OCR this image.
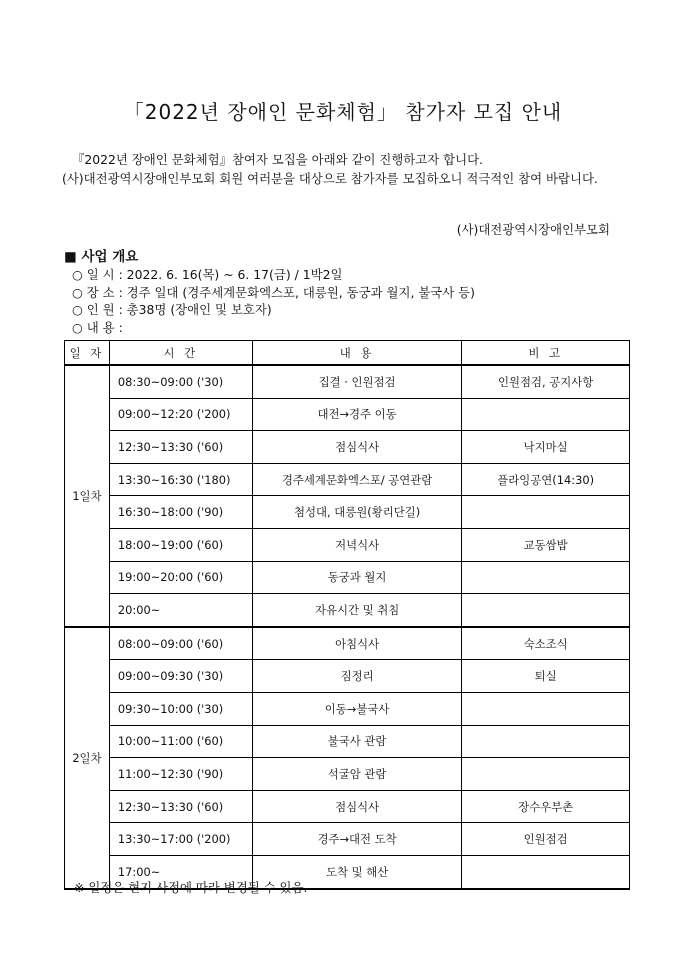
「2022년 장애인 문화체험」 참가자 모집 안내

『2022년 장애인 문화체험』참여자 모집을 아래와 같이 진행하고자 합니다.

(사)대전광역시장애인부모회 회원 여러분을 대상으로 참가자를 모집하오니 적극적인 참여 바랍니다.

(사)대전광역시장애인부모회
■ 사업 개요
○ 일 시 : 2022. 6. 16(목) ~ 6. 17(금) / 1박2일
○ 장 소 : 경주 일대 (경주세계문화엑스포, 대릉원, 동궁과 월지, 불국사 등)
○ 인 원 : 총38명 (장애인 및 보호자)
○ 내 용 :
일 자	시 간	내 용	비 고
1일차	08:30~09:00 ('30)	집결 · 인원점검	인원점검, 공지사항
	09:00~12:20 ('200)	대전→경주 이동	
	12:30~13:30 ('60)	점심식사	낙지마실
	13:30~16:30 ('180)	경주세계문화엑스포/ 공연관람	플라잉공연(14:30)
	16:30~18:00 ('90)	첨성대, 대릉원(황리단길)	
	18:00~19:00 ('60)	저녁식사	교동쌈밥
	19:00~20:00 ('60)	동궁과 월지	
	20:00~	자유시간 및 취침	
2일차	08:00~09:00 ('60)	아침식사	숙소조식
	09:00~09:30 ('30)	짐정리	퇴실
	09:30~10:00 ('30)	이동→불국사	
	10:00~11:00 ('60)	불국사 관람	
	11:00~12:30 ('90)	석굴암 관람	
	12:30~13:30 ('60)	점심식사	장수우부촌
	13:30~17:00 ('200)	경주→대전 도착	인원점검
	17:00~	도착 및 해산	
※ 일정은 현지 사정에 따라 변경될 수 있음.
